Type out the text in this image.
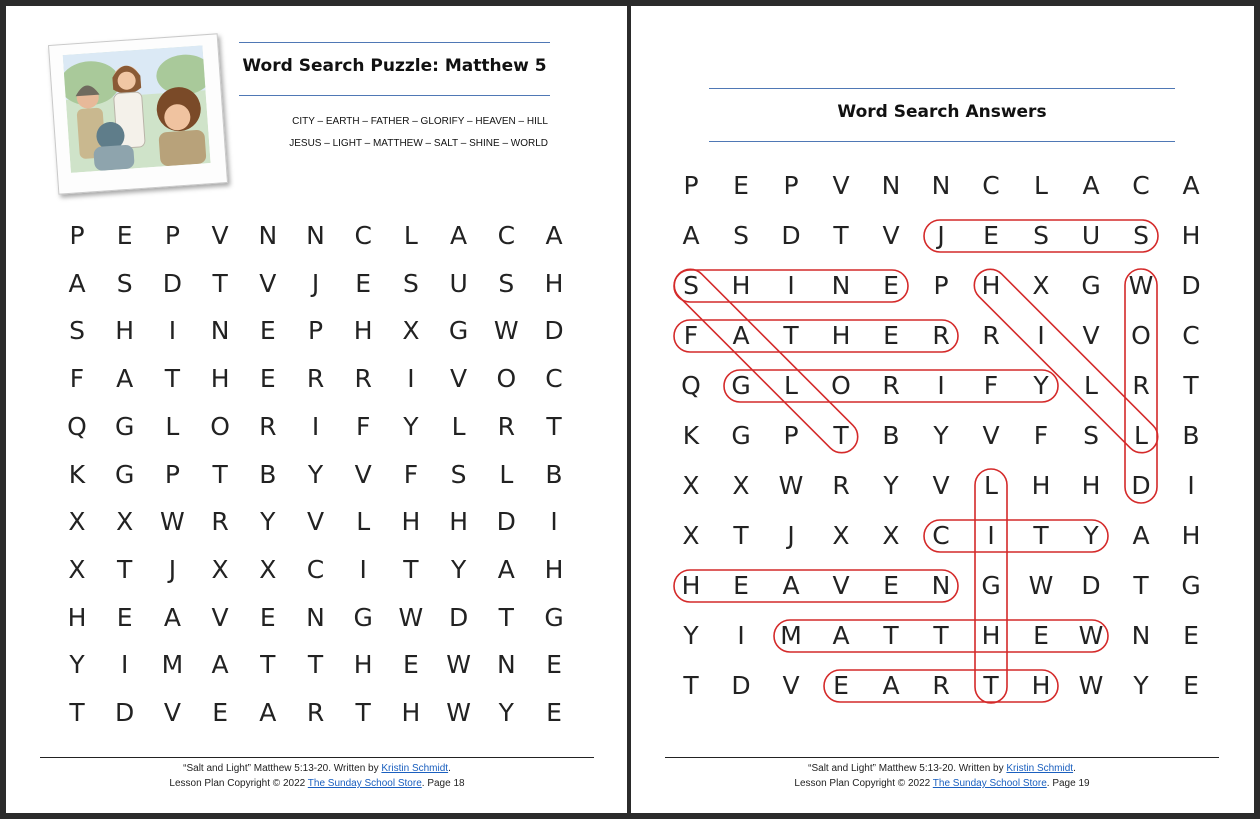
Word Search Puzzle: Matthew 5
CITY – EARTH – FATHER – GLORIFY – HEAVEN – HILL
JESUS – LIGHT – MATTHEW – SALT – SHINE – WORLD
P	E	P	V	N	N	C	L	A	C	A
A	S	D	T	V	J	E	S	U	S	H
S	H	I	N	E	P	H	X	G	W	D
F	A	T	H	E	R	R	I	V	O	C
Q	G	L	O	R	I	F	Y	L	R	T
K	G	P	T	B	Y	V	F	S	L	B
X	X	W	R	Y	V	L	H	H	D	I
X	T	J	X	X	C	I	T	Y	A	H
H	E	A	V	E	N	G	W	D	T	G
Y	I	M	A	T	T	H	E	W	N	E
T	D	V	E	A	R	T	H	W	Y	E
“Salt and Light” Matthew 5:13-20. Written by Kristin Schmidt.
Lesson Plan Copyright © 2022 The Sunday School Store. Page 18
Word Search Answers
P	E	P	V	N	N	C	L	A	C	A
A	S	D	T	V	J	E	S	U	S	H
S	H	I	N	E	P	H	X	G	W	D
F	A	T	H	E	R	R	I	V	O	C
Q	G	L	O	R	I	F	Y	L	R	T
K	G	P	T	B	Y	V	F	S	L	B
X	X	W	R	Y	V	L	H	H	D	I
X	T	J	X	X	C	I	T	Y	A	H
H	E	A	V	E	N	G	W	D	T	G
Y	I	M	A	T	T	H	E	W	N	E
T	D	V	E	A	R	T	H	W	Y	E
“Salt and Light” Matthew 5:13-20. Written by Kristin Schmidt.
Lesson Plan Copyright © 2022 The Sunday School Store. Page 19
